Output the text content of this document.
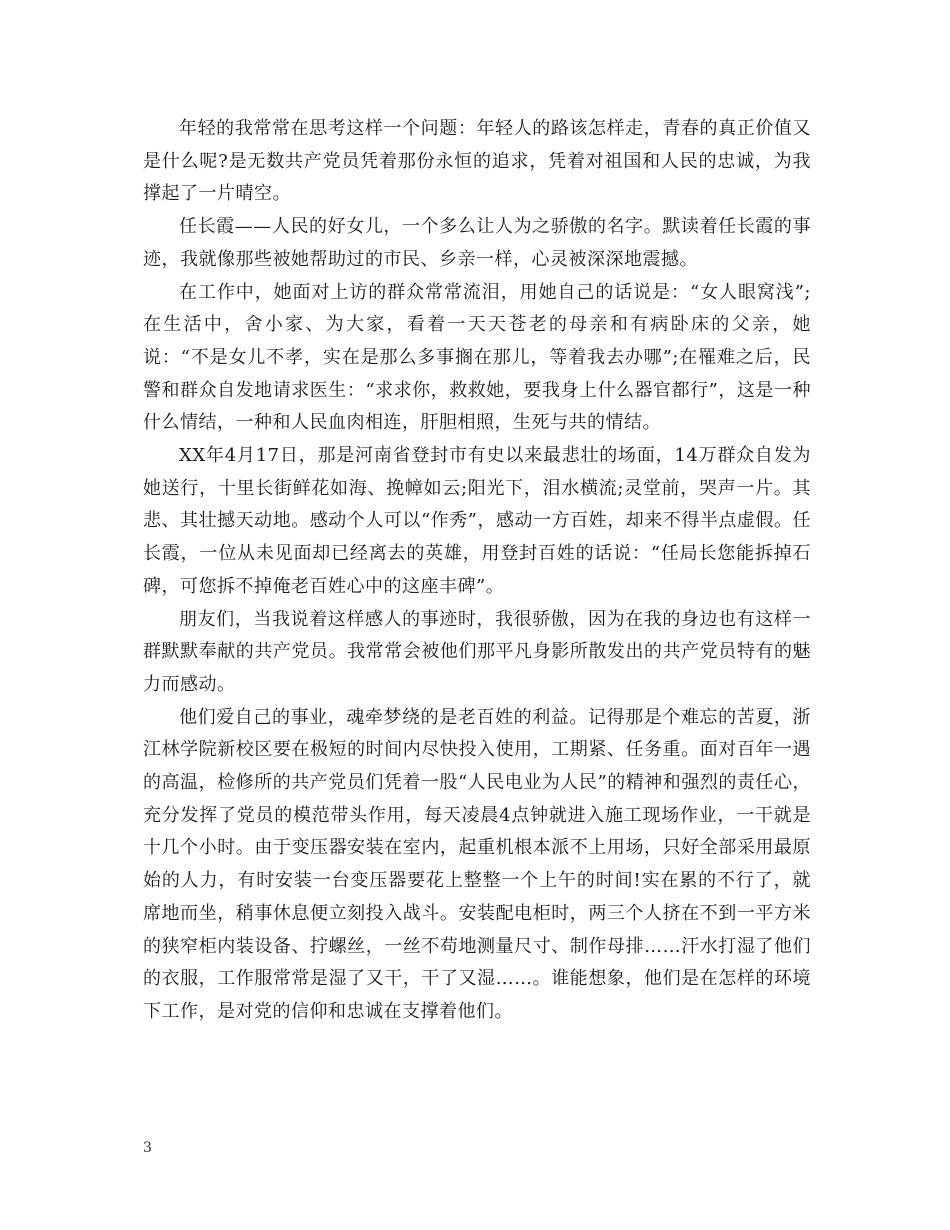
年轻的我常常在思考这样一个问题：年轻人的路该怎样走，青春的真正价值又是什么呢?是无数共产党员凭着那份永恒的追求，凭着对祖国和人民的忠诚，为我撑起了一片晴空。

任长霞——人民的好女儿，一个多么让人为之骄傲的名字。默读着任长霞的事迹，我就像那些被她帮助过的市民、乡亲一样，心灵被深深地震撼。

在工作中，她面对上访的群众常常流泪，用她自己的话说是：“女人眼窝浅”;在生活中，舍小家、为大家，看着一天天苍老的母亲和有病卧床的父亲，她说：“不是女儿不孝，实在是那么多事搁在那儿，等着我去办哪”;在罹难之后，民警和群众自发地请求医生：“求求你，救救她，要我身上什么器官都行”，这是一种什么情结，一种和人民血肉相连，肝胆相照，生死与共的情结。

XX年4月17日，那是河南省登封市有史以来最悲壮的场面，14万群众自发为她送行，十里长街鲜花如海、挽幛如云;阳光下，泪水横流;灵堂前，哭声一片。其悲、其壮撼天动地。感动个人可以“作秀”，感动一方百姓，却来不得半点虚假。任长霞，一位从未见面却已经离去的英雄，用登封百姓的话说：“任局长您能拆掉石碑，可您拆不掉俺老百姓心中的这座丰碑”。

朋友们，当我说着这样感人的事迹时，我很骄傲，因为在我的身边也有这样一群默默奉献的共产党员。我常常会被他们那平凡身影所散发出的共产党员特有的魅力而感动。

他们爱自己的事业，魂牵梦绕的是老百姓的利益。记得那是个难忘的苦夏，浙江林学院新校区要在极短的时间内尽快投入使用，工期紧、任务重。面对百年一遇的高温，检修所的共产党员们凭着一股“人民电业为人民”的精神和强烈的责任心，充分发挥了党员的模范带头作用，每天凌晨4点钟就进入施工现场作业，一干就是十几个小时。由于变压器安装在室内，起重机根本派不上用场，只好全部采用最原始的人力，有时安装一台变压器要花上整整一个上午的时间!实在累的不行了，就席地而坐，稍事休息便立刻投入战斗。安装配电柜时，两三个人挤在不到一平方米的狭窄柜内装设备、拧螺丝，一丝不苟地测量尺寸、制作母排……汗水打湿了他们的衣服，工作服常常是湿了又干，干了又湿……。谁能想象，他们是在怎样的环境下工作，是对党的信仰和忠诚在支撑着他们。

3
